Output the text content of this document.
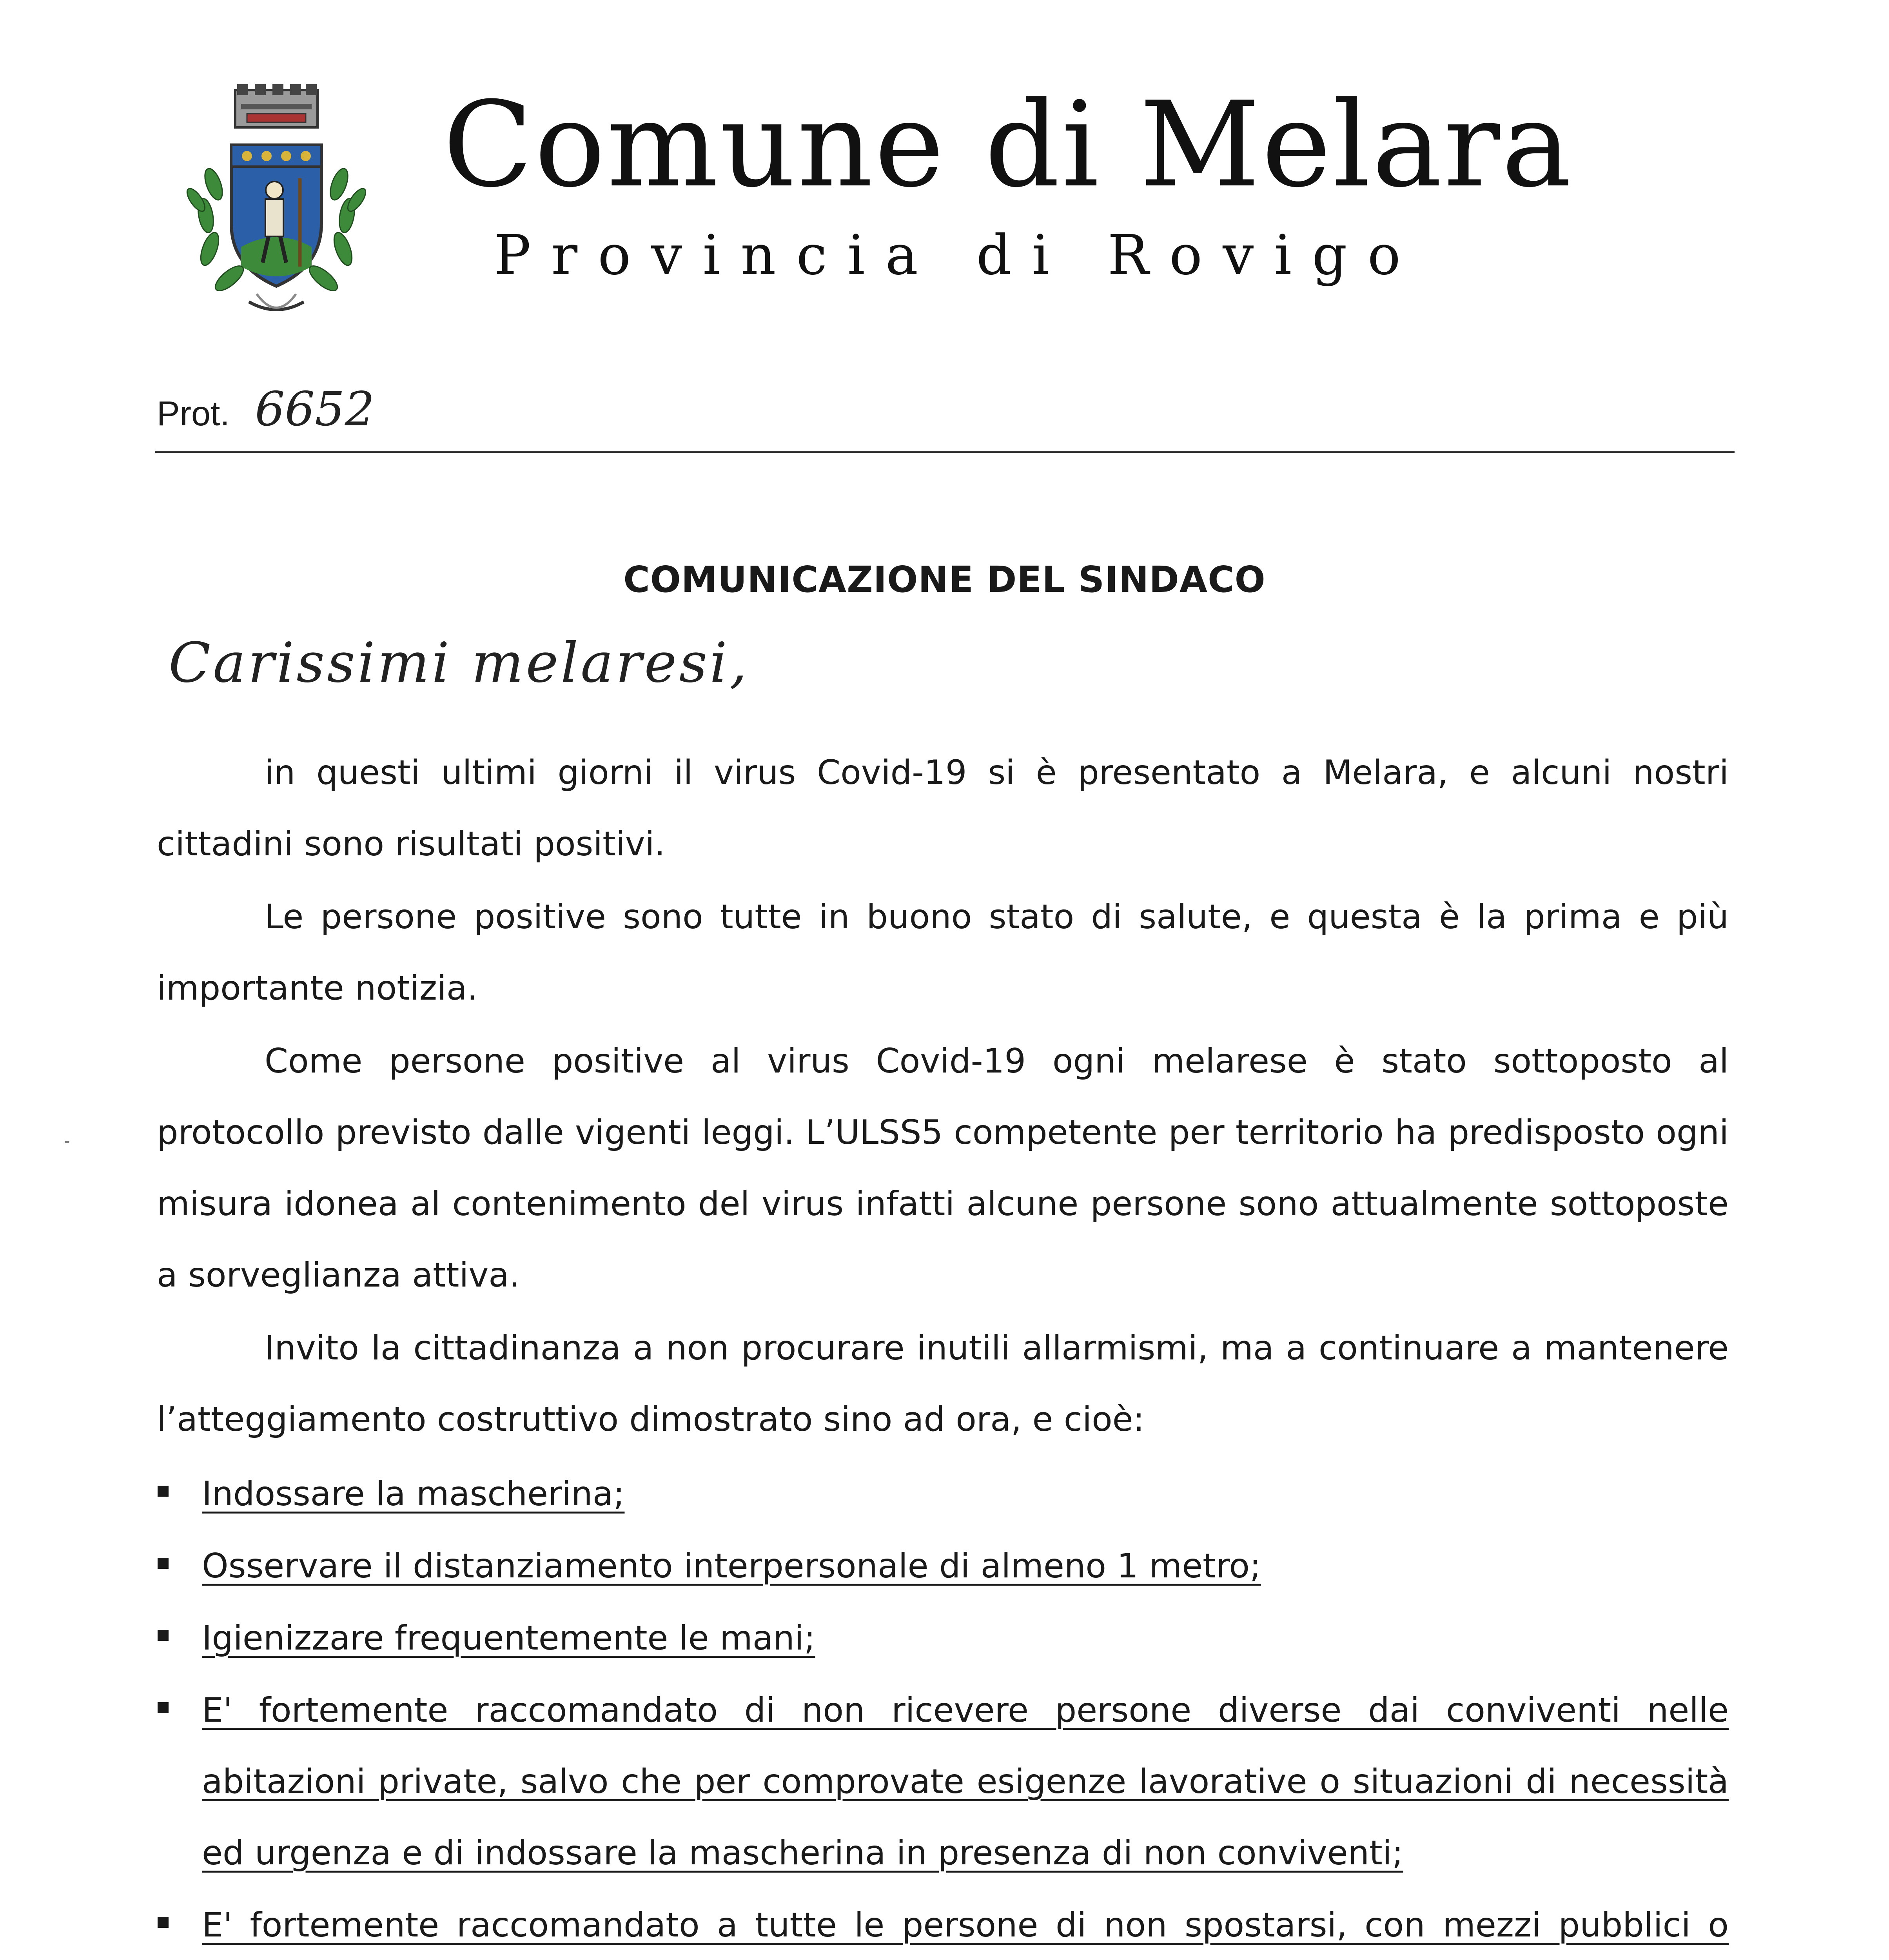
Comune di Melara
Provincia di Rovigo
Prot. 6652
COMUNICAZIONE DEL SINDACO
Carissimi melaresi,

in questi ultimi giorni il virus Covid-19 si è presentato a Melara, e alcuni nostri cittadini sono risultati positivi.

Le persone positive sono tutte in buono stato di salute, e questa è la prima e più importante notizia.

Come persone positive al virus Covid-19 ogni melarese è stato sottoposto al protocollo previsto dalle vigenti leggi. L’ULSS5 competente per territorio ha predisposto ogni misura idonea al contenimento del virus infatti alcune persone sono attualmente sottoposte a sorveglianza attiva.

Invito la cittadinanza a non procurare inutili allarmismi, ma a continuare a mantenere l’atteggiamento costruttivo dimostrato sino ad ora, e cioè:

Indossare la mascherina;
Osservare il distanziamento interpersonale di almeno 1 metro;
Igienizzare frequentemente le mani;
E' fortemente raccomandato di non ricevere persone diverse dai conviventi nelle abitazioni private, salvo che per comprovate esigenze lavorative o situazioni di necessità ed urgenza e di indossare la mascherina in presenza di non conviventi;
E' fortemente raccomandato a tutte le persone di non spostarsi, con mezzi pubblici o
